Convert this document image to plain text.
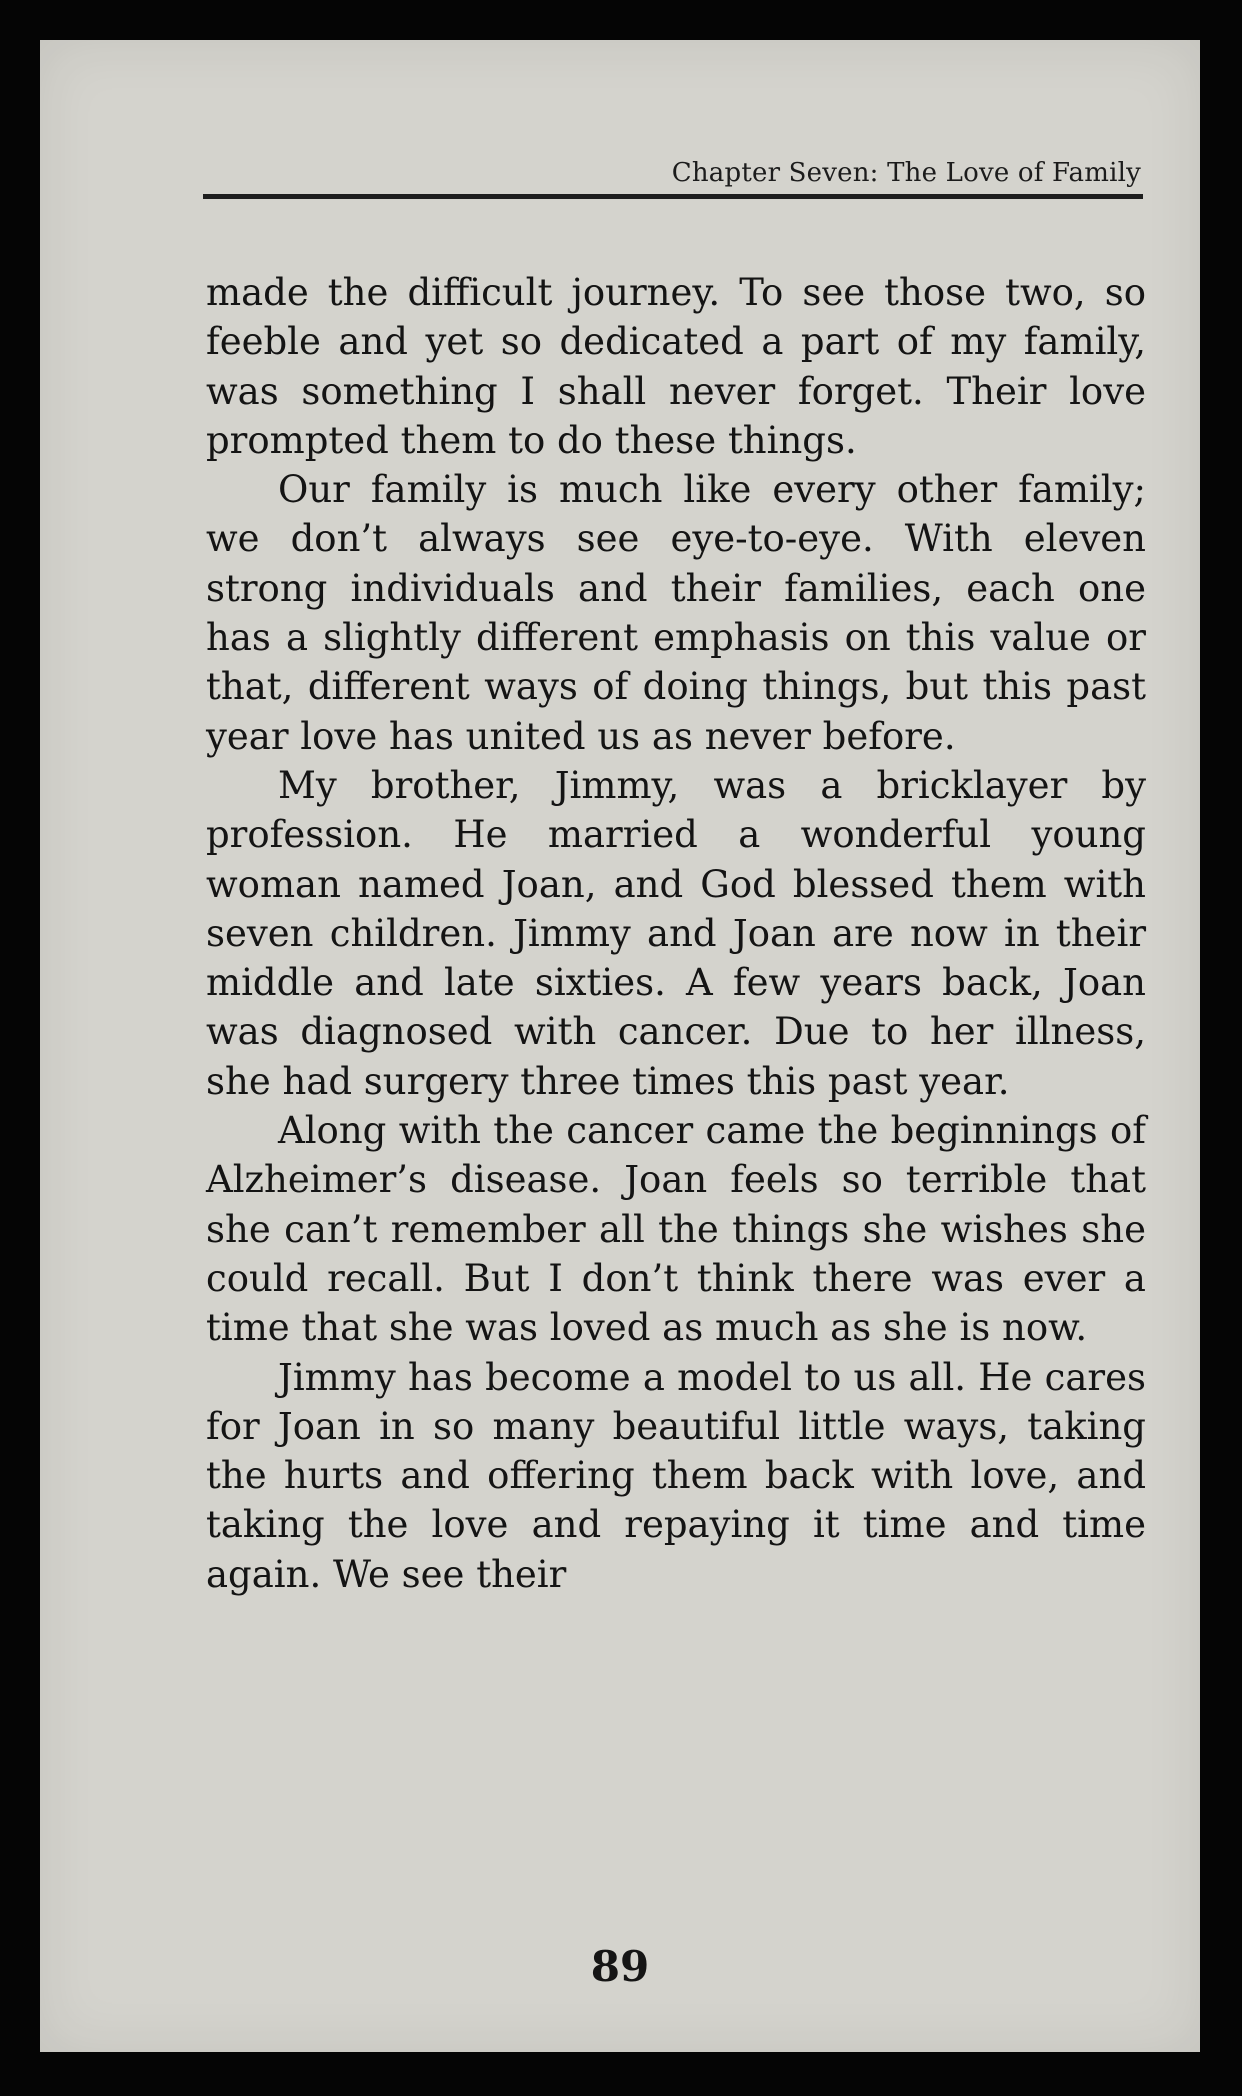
Chapter Seven: The Love of Family

made the difficult journey. To see those two, so feeble and yet so dedicated a part of my family, was something I shall never forget. Their love prompted them to do these things.

Our family is much like every other family; we don’t always see eye-to-eye. With eleven strong individuals and their families, each one has a slightly different emphasis on this value or that, different ways of doing things, but this past year love has united us as never before.

My brother, Jimmy, was a bricklayer by profession. He married a wonderful young woman named Joan, and God blessed them with seven children. Jimmy and Joan are now in their middle and late sixties. A few years back, Joan was diagnosed with cancer. Due to her illness, she had surgery three times this past year.

Along with the cancer came the beginnings of Alzheimer’s disease. Joan feels so terrible that she can’t remember all the things she wishes she could recall. But I don’t think there was ever a time that she was loved as much as she is now.

Jimmy has become a model to us all. He cares for Joan in so many beautiful little ways, taking the hurts and offering them back with love, and taking the love and repaying it time and time again. We see their

89
